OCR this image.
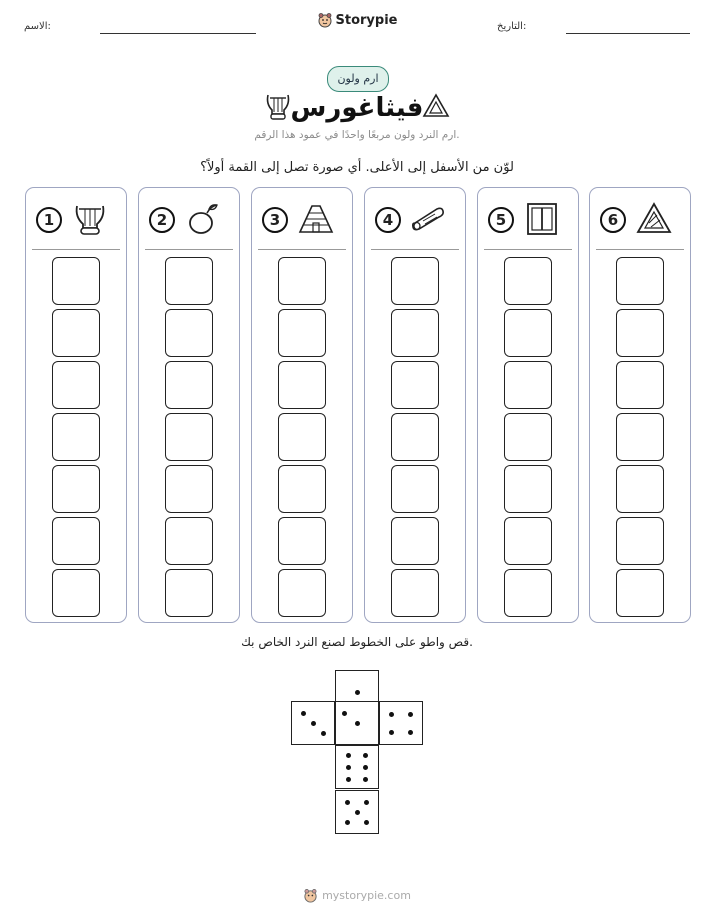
الاسم:	Storypie	التاريخ:
ارم ولون
فيثاغورس
ارم النرد ولون مربعًا واحدًا في عمود هذا الرقم.
لوّن من الأسفل إلى الأعلى. أي صورة تصل إلى القمة أولاً؟
1	2	3	4	5	6
قص واطو على الخطوط لصنع النرد الخاص بك.
mystorypie.com
